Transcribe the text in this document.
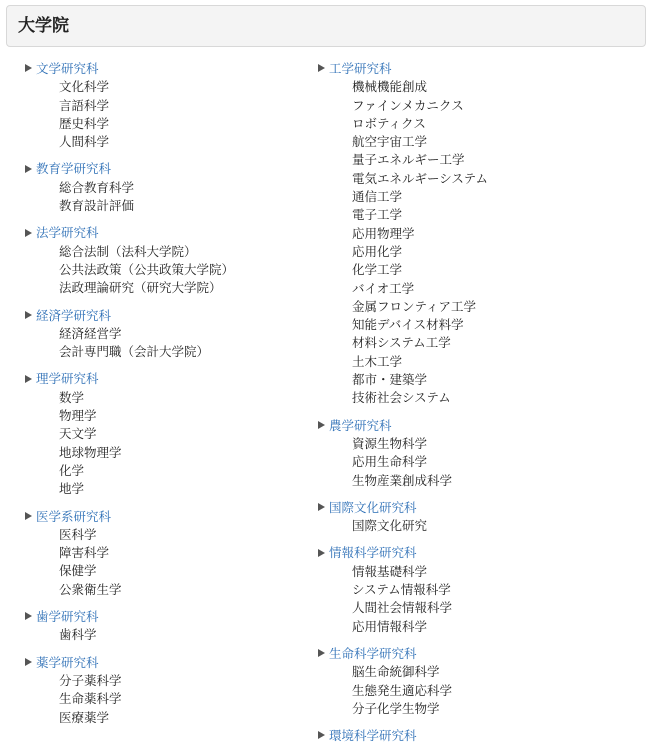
大学院
文学研究科
文化科学
言語科学
歴史科学
人間科学
教育学研究科
総合教育科学
教育設計評価
法学研究科
総合法制（法科大学院）
公共法政策（公共政策大学院）
法政理論研究（研究大学院）
経済学研究科
経済経営学
会計専門職（会計大学院）
理学研究科
数学
物理学
天文学
地球物理学
化学
地学
医学系研究科
医科学
障害科学
保健学
公衆衛生学
歯学研究科
歯科学
薬学研究科
分子薬科学
生命薬科学
医療薬学
工学研究科
機械機能創成
ファインメカニクス
ロボティクス
航空宇宙工学
量子エネルギー工学
電気エネルギーシステム
通信工学
電子工学
応用物理学
応用化学
化学工学
バイオ工学
金属フロンティア工学
知能デバイス材料学
材料システム工学
土木工学
都市・建築学
技術社会システム
農学研究科
資源生物科学
応用生命科学
生物産業創成科学
国際文化研究科
国際文化研究
情報科学研究科
情報基礎科学
システム情報科学
人間社会情報科学
応用情報科学
生命科学研究科
脳生命統御科学
生態発生適応科学
分子化学生物学
環境科学研究科
